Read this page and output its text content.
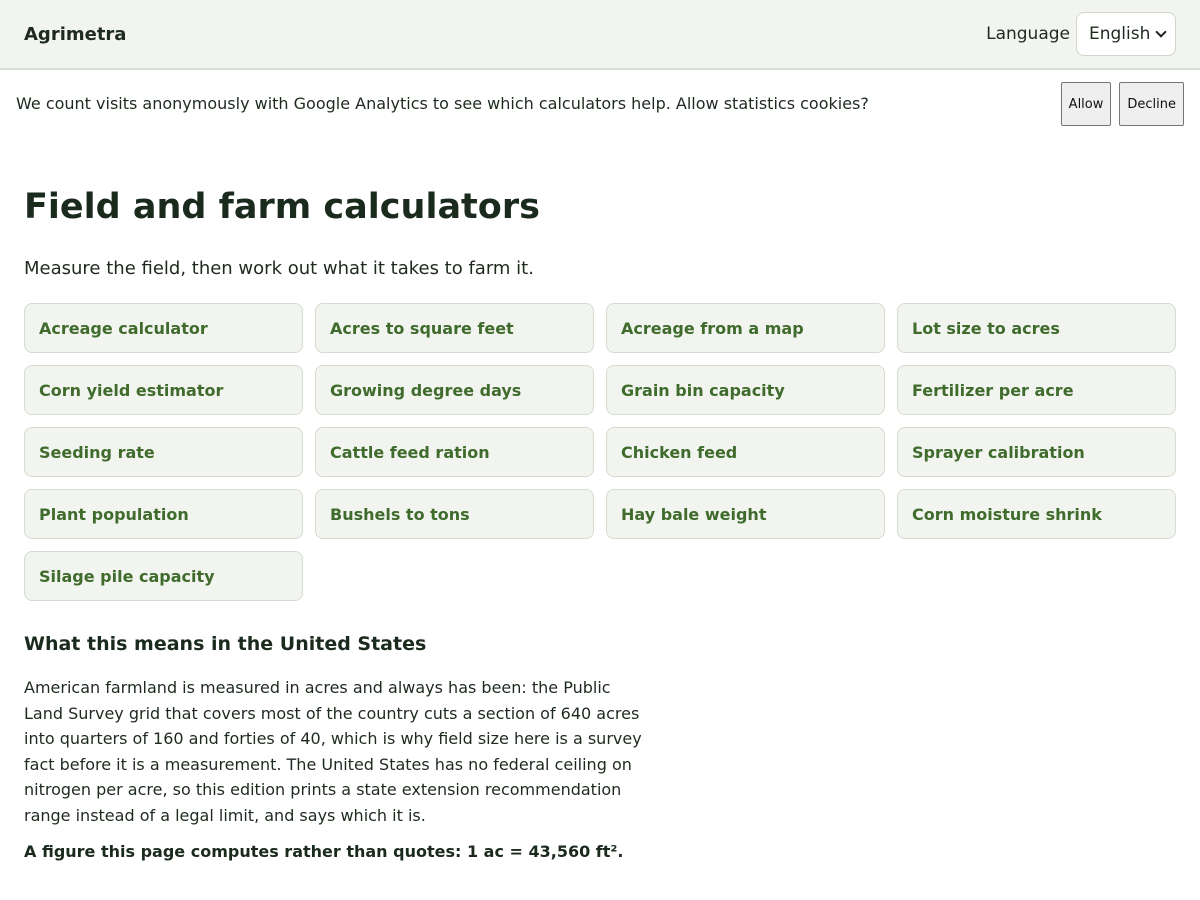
Agrimetra	Language English
We count visits anonymously with Google Analytics to see which calculators help. Allow statistics cookies?	Allow	Decline
Field and farm calculators

Measure the field, then work out what it takes to farm it.

Acreage calculator	Acres to square feet	Acreage from a map	Lot size to acres
Corn yield estimator	Growing degree days	Grain bin capacity	Fertilizer per acre
Seeding rate	Cattle feed ration	Chicken feed	Sprayer calibration
Plant population	Bushels to tons	Hay bale weight	Corn moisture shrink
Silage pile capacity
What this means in the United States

American farmland is measured in acres and always has been: the Public Land Survey grid that covers most of the country cuts a section of 640 acres into quarters of 160 and forties of 40, which is why field size here is a survey fact before it is a measurement. The United States has no federal ceiling on nitrogen per acre, so this edition prints a state extension recommendation range instead of a legal limit, and says which it is.

A figure this page computes rather than quotes: 1 ac = 43,560 ft².
